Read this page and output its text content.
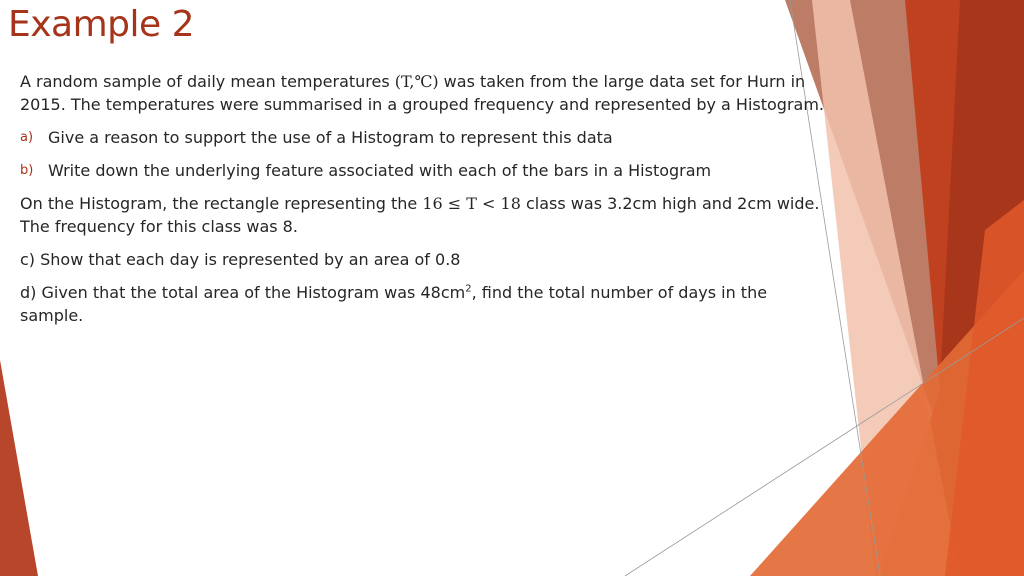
Example 2

A random sample of daily mean temperatures (T,℃) was taken from the large data set for Hurn in 2015. The temperatures were summarised in a grouped frequency and represented by a Histogram.

a) Give a reason to support the use of a Histogram to represent this data
b) Write down the underlying feature associated with each of the bars in a Histogram

On the Histogram, the rectangle representing the 16 ≤ T < 18 class was 3.2cm high and 2cm wide. The frequency for this class was 8.

c) Show that each day is represented by an area of 0.8

d) Given that the total area of the Histogram was $48cm^2$, find the total number of days in the sample.
